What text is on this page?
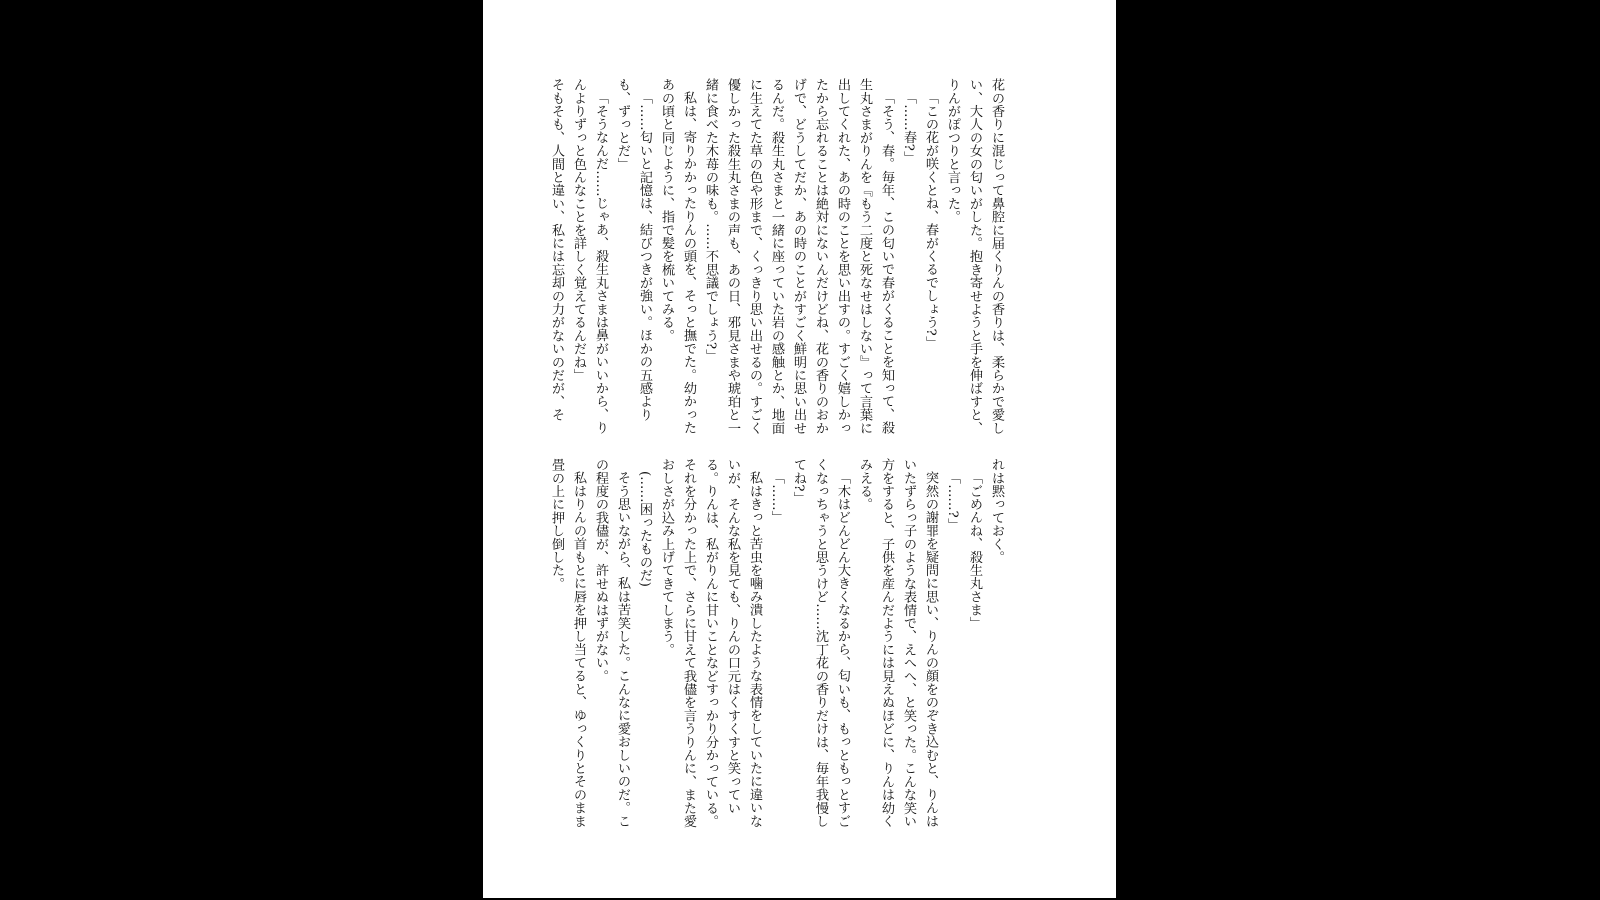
花の香りに混じって鼻腔に届くりんの香りは、柔らかで愛しい、大人の女の匂いがした。抱き寄せようと手を伸ばすと、りんがぽつりと言った。

「この花が咲くとね、春がくるでしょう?」

「……春?」

「そう、春。毎年、この匂いで春がくることを知って、殺生丸さまがりんを『もう二度と死なせはしない』って言葉に出してくれた、あの時のことを思い出すの。すごく嬉しかったから忘れることは絶対にないんだけどね、花の香りのおかげで、どうしてだか、あの時のことがすごく鮮明に思い出せるんだ。殺生丸さまと一緒に座っていた岩の感触とか、地面に生えてた草の色や形まで、くっきり思い出せるの。すごく優しかった殺生丸さまの声も、あの日、邪見さまや琥珀と一緒に食べた木苺の味も。……不思議でしょう?」

私は、寄りかかったりんの頭を、そっと撫でた。幼かったあの頃と同じように、指で髪を梳いてみる。

「……匂いと記憶は、結びつきが強い。ほかの五感よりも、ずっとだ」

「そうなんだ……じゃあ、殺生丸さまは鼻がいいから、りんよりずっと色んなことを詳しく覚えてるんだね」

そもそも、人間と違い、私には忘却の力がないのだが、そ

れは黙っておく。

「ごめんね、殺生丸さま」

「……?」

突然の謝罪を疑問に思い、りんの顔をのぞき込むと、りんはいたずらっ子のような表情で、えへへ、と笑った。こんな笑い方をすると、子供を産んだようには見えぬほどに、りんは幼くみえる。

「木はどんどん大きくなるから、匂いも、もっともっとすごくなっちゃうと思うけど……沈丁花の香りだけは、毎年我慢してね?」

「……」

私はきっと苦虫を噛み潰したような表情をしていたに違いないが、そんな私を見ても、りんの口元はくすくすと笑っている。りんは、私がりんに甘いことなどすっかり分かっている。それを分かった上で、さらに甘えて我儘を言うりんに、また愛おしさが込み上げてきてしまう。

(……困ったものだ)

そう思いながら、私は苦笑した。こんなに愛おしいのだ。この程度の我儘が、許せぬはずがない。

私はりんの首もとに唇を押し当てると、ゆっくりとそのまま畳の上に押し倒した。
